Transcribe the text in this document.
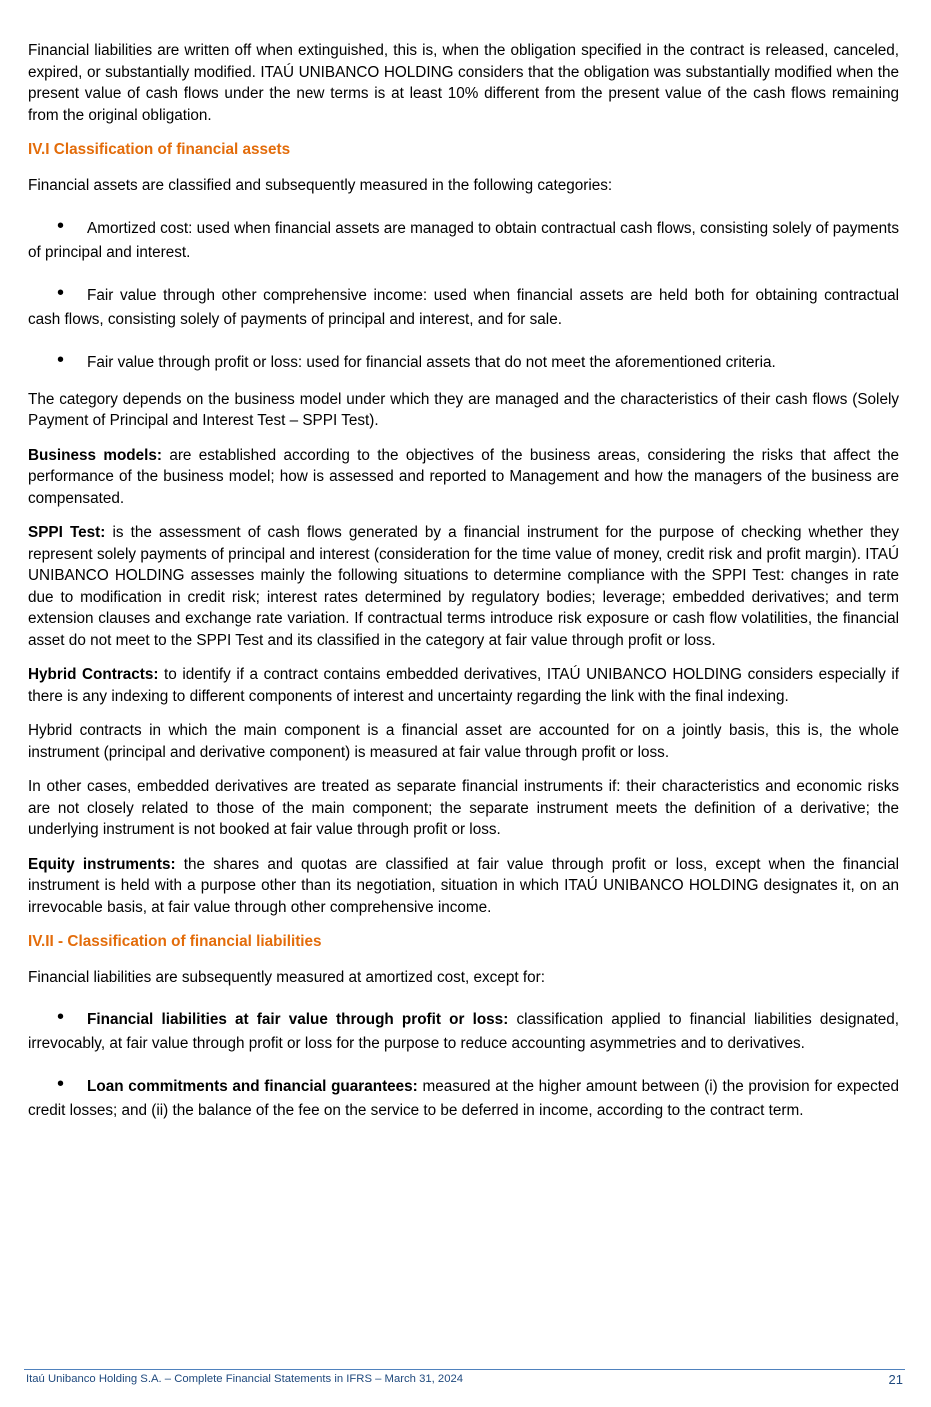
Financial liabilities are written off when extinguished, this is, when the obligation specified in the contract is released, canceled, expired, or substantially modified. ITAÚ UNIBANCO HOLDING considers that the obligation was substantially modified when the present value of cash flows under the new terms is at least 10% different from the present value of the cash flows remaining from the original obligation.

IV.I Classification of financial assets

Financial assets are classified and subsequently measured in the following categories:

•	Amortized cost: used when financial assets are managed to obtain contractual cash flows, consisting solely of payments of principal and interest.

•	Fair value through other comprehensive income: used when financial assets are held both for obtaining contractual cash flows, consisting solely of payments of principal and interest, and for sale.

•	Fair value through profit or loss: used for financial assets that do not meet the aforementioned criteria.

The category depends on the business model under which they are managed and the characteristics of their cash flows (Solely Payment of Principal and Interest Test – SPPI Test).

Business models: are established according to the objectives of the business areas, considering the risks that affect the performance of the business model; how is assessed and reported to Management and how the managers of the business are compensated.

SPPI Test: is the assessment of cash flows generated by a financial instrument for the purpose of checking whether they represent solely payments of principal and interest (consideration for the time value of money, credit risk and profit margin). ITAÚ UNIBANCO HOLDING assesses mainly the following situations to determine compliance with the SPPI Test: changes in rate due to modification in credit risk; interest rates determined by regulatory bodies; leverage; embedded derivatives; and term extension clauses and exchange rate variation. If contractual terms introduce risk exposure or cash flow volatilities, the financial asset do not meet to the SPPI Test and its classified in the category at fair value through profit or loss.

Hybrid Contracts: to identify if a contract contains embedded derivatives, ITAÚ UNIBANCO HOLDING considers especially if there is any indexing to different components of interest and uncertainty regarding the link with the final indexing.

Hybrid contracts in which the main component is a financial asset are accounted for on a jointly basis, this is, the whole instrument (principal and derivative component) is measured at fair value through profit or loss.

In other cases, embedded derivatives are treated as separate financial instruments if: their characteristics and economic risks are not closely related to those of the main component; the separate instrument meets the definition of a derivative; the underlying instrument is not booked at fair value through profit or loss.

Equity instruments: the shares and quotas are classified at fair value through profit or loss, except when the financial instrument is held with a purpose other than its negotiation, situation in which ITAÚ UNIBANCO HOLDING designates it, on an irrevocable basis, at fair value through other comprehensive income.

IV.II - Classification of financial liabilities

Financial liabilities are subsequently measured at amortized cost, except for:

•	Financial liabilities at fair value through profit or loss: classification applied to financial liabilities designated, irrevocably, at fair value through profit or loss for the purpose to reduce accounting asymmetries and to derivatives.

•	Loan commitments and financial guarantees: measured at the higher amount between (i) the provision for expected credit losses; and (ii) the balance of the fee on the service to be deferred in income, according to the contract term.

Itaú Unibanco Holding S.A. – Complete Financial Statements in IFRS – March 31, 2024	21
